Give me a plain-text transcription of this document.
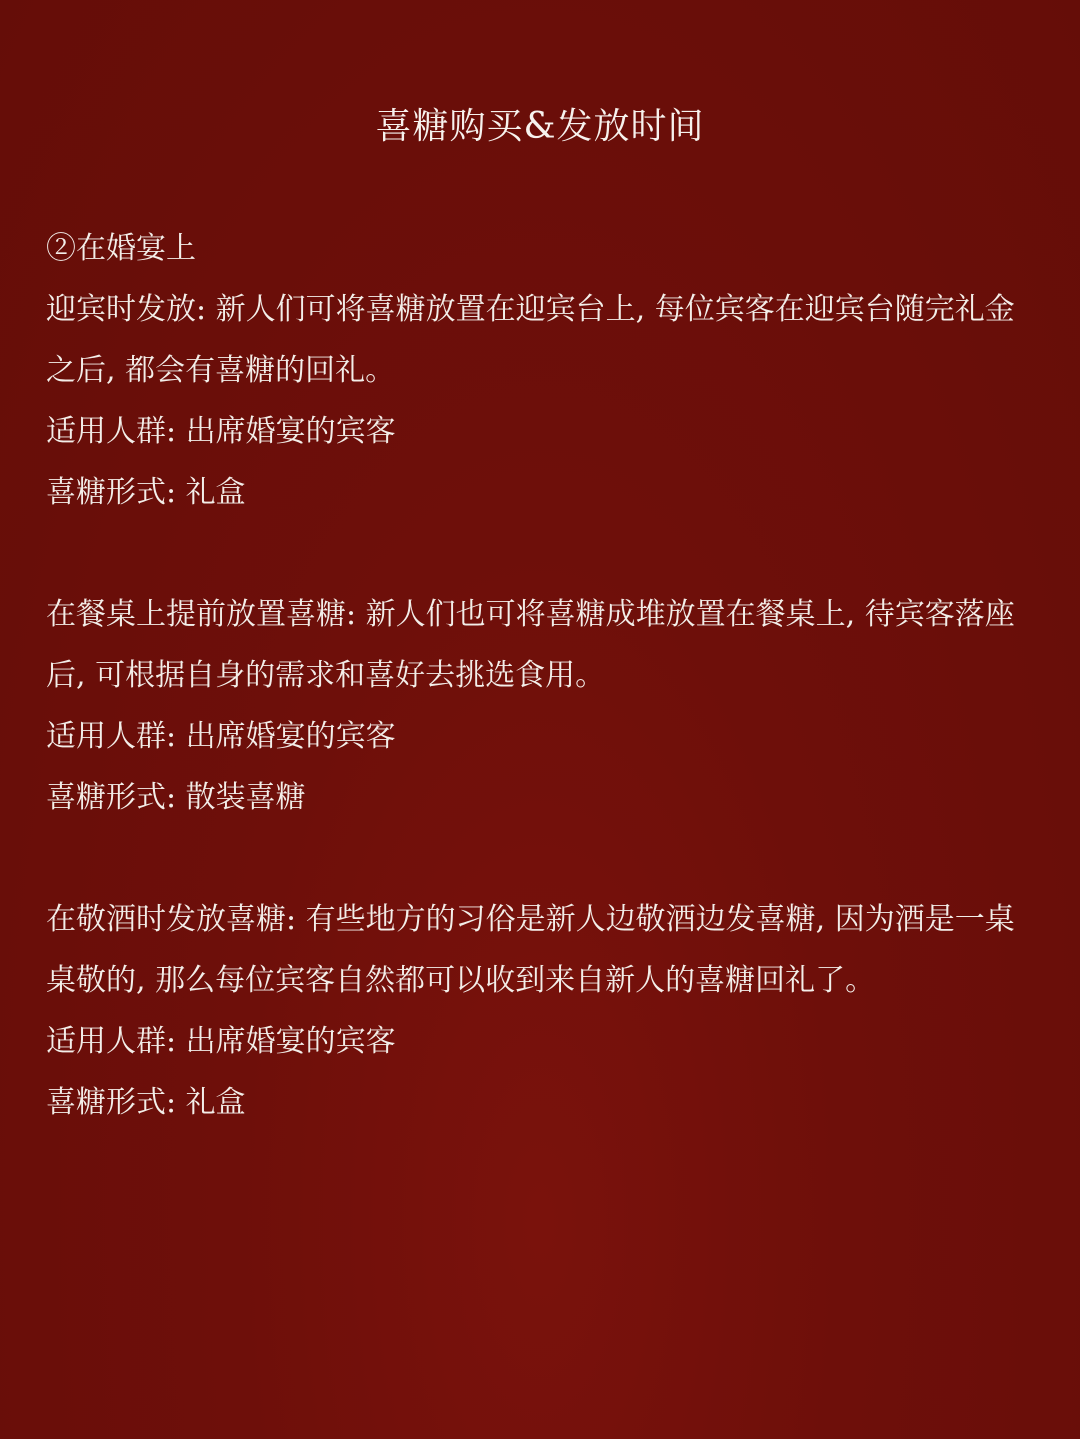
喜糖购买&发放时间

②在婚宴上

迎宾时发放: 新人们可将喜糖放置在迎宾台上, 每位宾客在迎宾台随完礼金

之后, 都会有喜糖的回礼。

适用人群: 出席婚宴的宾客

喜糖形式: 礼盒

在餐桌上提前放置喜糖: 新人们也可将喜糖成堆放置在餐桌上, 待宾客落座

后, 可根据自身的需求和喜好去挑选食用。

适用人群: 出席婚宴的宾客

喜糖形式: 散装喜糖

在敬酒时发放喜糖: 有些地方的习俗是新人边敬酒边发喜糖, 因为酒是一桌

桌敬的, 那么每位宾客自然都可以收到来自新人的喜糖回礼了。

适用人群: 出席婚宴的宾客

喜糖形式: 礼盒
